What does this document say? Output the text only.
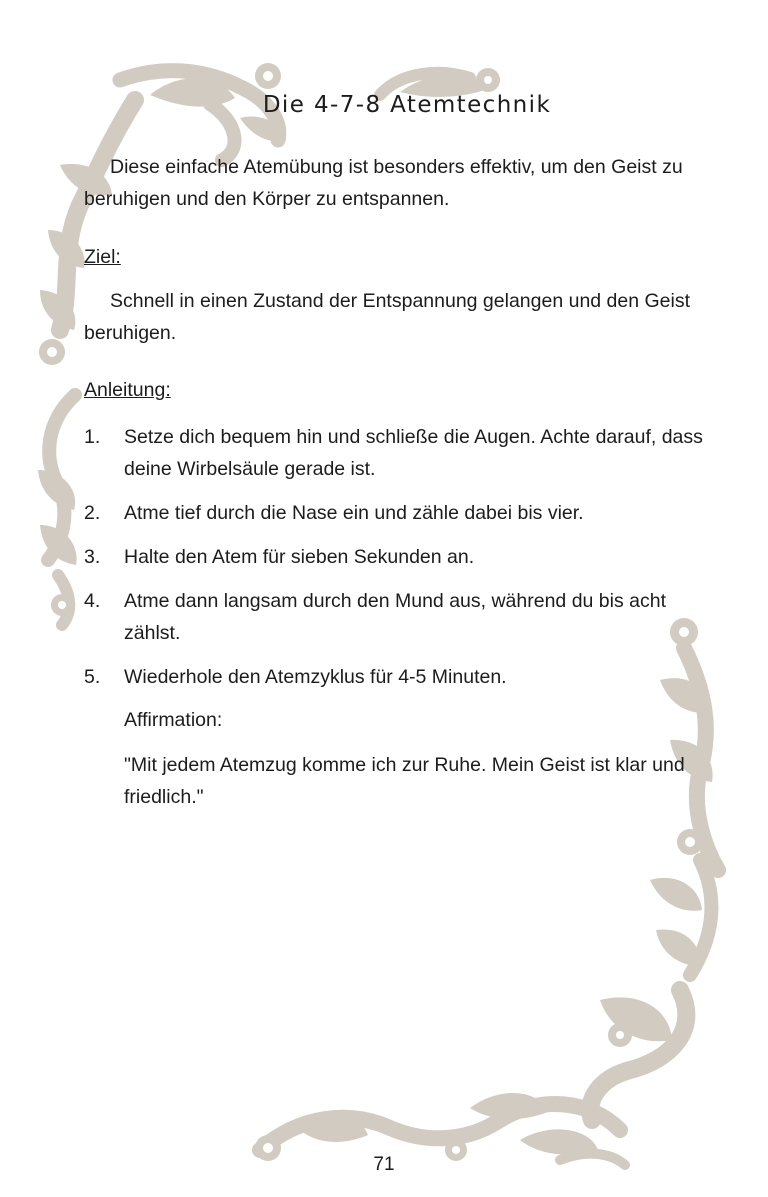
Die 4-7-8 Atemtechnik

Diese einfache Atemübung ist besonders effektiv, um den Geist zu beruhigen und den Körper zu entspannen.

Ziel:

Schnell in einen Zustand der Entspannung gelangen und den Geist beruhigen.

Anleitung:

1. Setze dich bequem hin und schließe die Augen. Achte darauf, dass deine Wirbelsäule gerade ist.
2. Atme tief durch die Nase ein und zähle dabei bis vier.
3. Halte den Atem für sieben Sekunden an.
4. Atme dann langsam durch den Mund aus, während du bis acht zählst.
5. Wiederhole den Atemzyklus für 4-5 Minuten.

Affirmation:

"Mit jedem Atemzug komme ich zur Ruhe. Mein Geist ist klar und friedlich."

71
